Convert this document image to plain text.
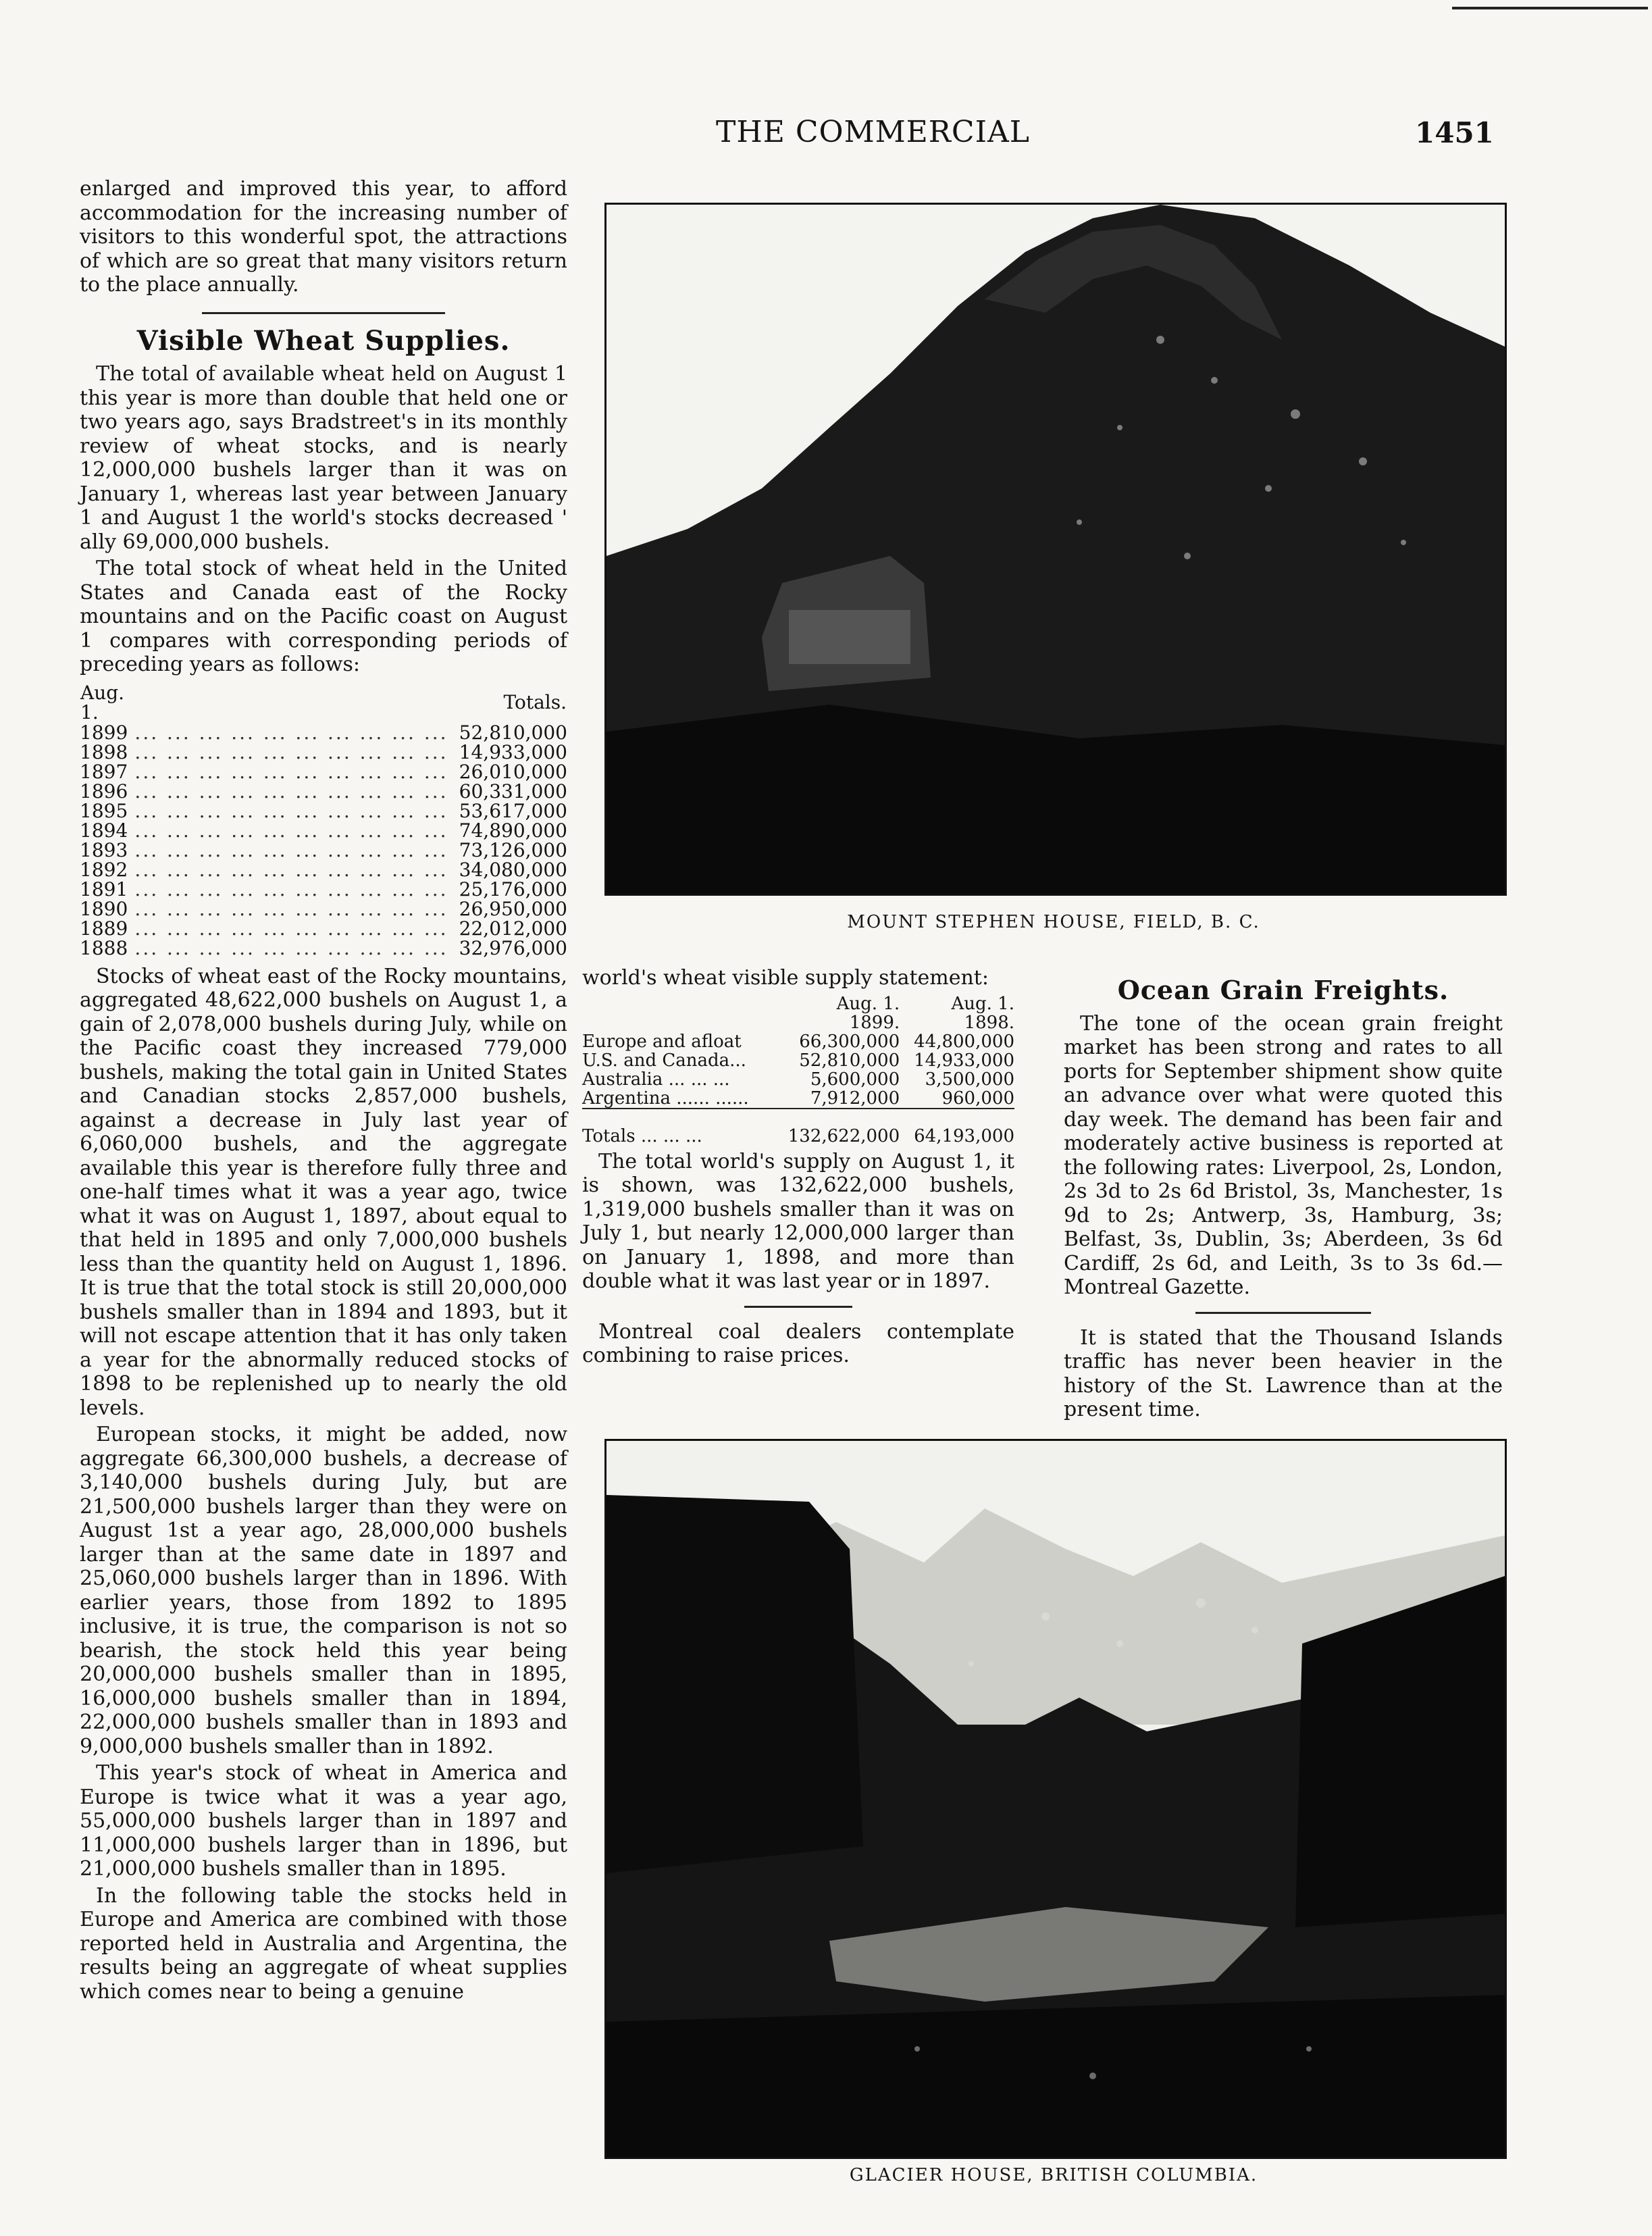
THE COMMERCIAL	1451

enlarged and improved this year, to afford accommodation for the increasing number of visitors to this wonderful spot, the attractions of which are so great that many visitors return to the place annually.

Visible Wheat Supplies.

The total of available wheat held on August 1 this year is more than double that held one or two years ago, says Bradstreet's in its monthly review of wheat stocks, and is nearly 12,000,000 bushels larger than it was on January 1, whereas last year between January 1 and August 1 the world's stocks decreased ' ally 69,000,000 bushels.

The total stock of wheat held in the United States and Canada east of the Rocky mountains and on the Pacific coast on August 1 compares with corresponding periods of preceding years as follows:

Aug. 1.		Totals.
1899	... ... ... ... ... ... ... ... ... ...	52,810,000
1898	... ... ... ... ... ... ... ... ... ...	14,933,000
1897	... ... ... ... ... ... ... ... ... ...	26,010,000
1896	... ... ... ... ... ... ... ... ... ...	60,331,000
1895	... ... ... ... ... ... ... ... ... ...	53,617,000
1894	... ... ... ... ... ... ... ... ... ...	74,890,000
1893	... ... ... ... ... ... ... ... ... ...	73,126,000
1892	... ... ... ... ... ... ... ... ... ...	34,080,000
1891	... ... ... ... ... ... ... ... ... ...	25,176,000
1890	... ... ... ... ... ... ... ... ... ...	26,950,000
1889	... ... ... ... ... ... ... ... ... ...	22,012,000
1888	... ... ... ... ... ... ... ... ... ...	32,976,000

Stocks of wheat east of the Rocky mountains, aggregated 48,622,000 bushels on August 1, a gain of 2,078,000 bushels during July, while on the Pacific coast they increased 779,000 bushels, making the total gain in United States and Canadian stocks 2,857,000 bushels, against a decrease in July last year of 6,060,000 bushels, and the aggregate available this year is therefore fully three and one-half times what it was a year ago, twice what it was on August 1, 1897, about equal to that held in 1895 and only 7,000,000 bushels less than the quantity held on August 1, 1896. It is true that the total stock is still 20,000,000 bushels smaller than in 1894 and 1893, but it will not escape attention that it has only taken a year for the abnormally reduced stocks of 1898 to be replenished up to nearly the old levels.

European stocks, it might be added, now aggregate 66,300,000 bushels, a decrease of 3,140,000 bushels during July, but are 21,500,000 bushels larger than they were on August 1st a year ago, 28,000,000 bushels larger than at the same date in 1897 and 25,060,000 bushels larger than in 1896. With earlier years, those from 1892 to 1895 inclusive, it is true, the comparison is not so bearish, the stock held this year being 20,000,000 bushels smaller than in 1895, 16,000,000 bushels smaller than in 1894, 22,000,000 bushels smaller than in 1893 and 9,000,000 bushels smaller than in 1892.

This year's stock of wheat in America and Europe is twice what it was a year ago, 55,000,000 bushels larger than in 1897 and 11,000,000 bushels larger than in 1896, but 21,000,000 bushels smaller than in 1895.

In the following table the stocks held in Europe and America are combined with those reported held in Australia and Argentina, the results being an aggregate of wheat supplies which comes near to being a genuine

MOUNT STEPHEN HOUSE, FIELD, B. C.

world's wheat visible supply statement:

	Aug. 1.	Aug. 1.
	1899.	1898.
Europe and afloat	66,300,000	44,800,000
U.S. and Canada...	52,810,000	14,933,000
Australia ... ... ...	5,600,000	3,500,000
Argentina ...... ......	7,912,000	960,000

Totals ... ... ...	132,622,000	64,193,000

The total world's supply on August 1, it is shown, was 132,622,000 bushels, 1,319,000 bushels smaller than it was on July 1, but nearly 12,000,000 larger than on January 1, 1898, and more than double what it was last year or in 1897.

Montreal coal dealers contemplate combining to raise prices.

Ocean Grain Freights.

The tone of the ocean grain freight market has been strong and rates to all ports for September shipment show quite an advance over what were quoted this day week. The demand has been fair and moderately active business is reported at the following rates: Liverpool, 2s, London, 2s 3d to 2s 6d Bristol, 3s, Manchester, 1s 9d to 2s; Antwerp, 3s, Hamburg, 3s; Belfast, 3s, Dublin, 3s; Aberdeen, 3s 6d Cardiff, 2s 6d, and Leith, 3s to 3s 6d.—Montreal Gazette.

It is stated that the Thousand Islands traffic has never been heavier in the history of the St. Lawrence than at the present time.

GLACIER HOUSE, BRITISH COLUMBIA.
